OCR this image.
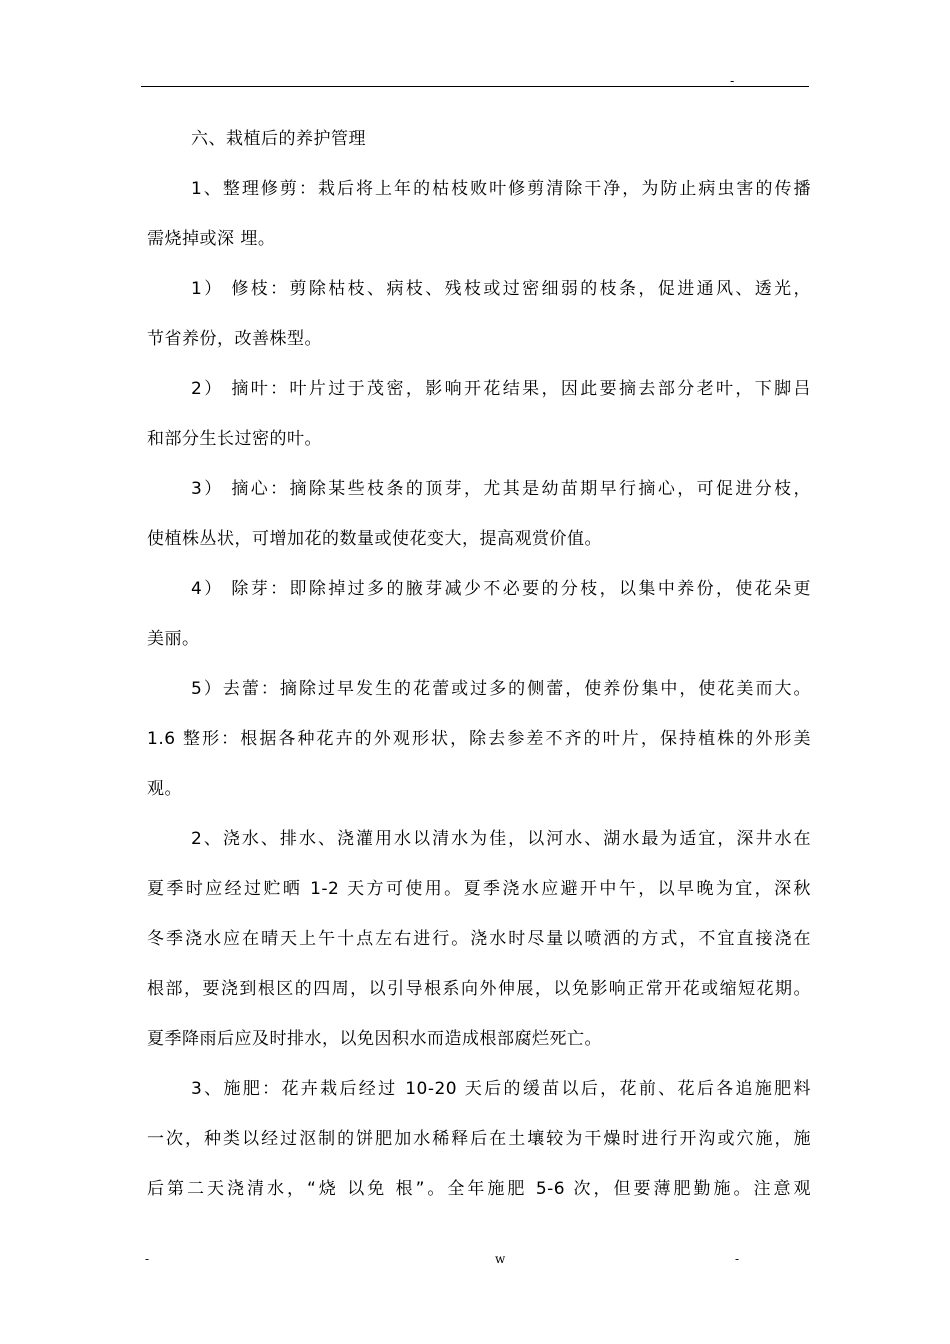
-
六、栽植后的养护管理
1、整理修剪：栽后将上年的枯枝败叶修剪清除干净，为防止病虫害的传播
需烧掉或深 埋。
1） 修枝：剪除枯枝、病枝、残枝或过密细弱的枝条，促进通风、透光，
节省养份，改善株型。
2） 摘叶：叶片过于茂密，影响开花结果，因此要摘去部分老叶，下脚吕
和部分生长过密的叶。
3） 摘心：摘除某些枝条的顶芽，尤其是幼苗期早行摘心，可促进分枝，
使植株丛状，可增加花的数量或使花变大，提高观赏价值。
4） 除芽：即除掉过多的腋芽减少不必要的分枝，以集中养份，使花朵更
美丽。
5）去蕾：摘除过早发生的花蕾或过多的侧蕾，使养份集中，使花美而大。
1.6 整形：根据各种花卉的外观形状，除去参差不齐的叶片，保持植株的外形美
观。
2、浇水、排水、浇灌用水以清水为佳，以河水、湖水最为适宜，深井水在
夏季时应经过贮晒 1-2 天方可使用。夏季浇水应避开中午，以早晚为宜，深秋
冬季浇水应在晴天上午十点左右进行。浇水时尽量以喷洒的方式，不宜直接浇在
根部，要浇到根区的四周，以引导根系向外伸展，以免影响正常开花或缩短花期。
夏季降雨后应及时排水，以免因积水而造成根部腐烂死亡。
3、施肥：花卉栽后经过 10-20 天后的缓苗以后，花前、花后各追施肥料
一次，种类以经过沤制的饼肥加水稀释后在土壤较为干燥时进行开沟或穴施，施
后第二天浇清水，“烧 以免 根”。全年施肥 5-6 次，但要薄肥勤施。注意观
-	w	-
